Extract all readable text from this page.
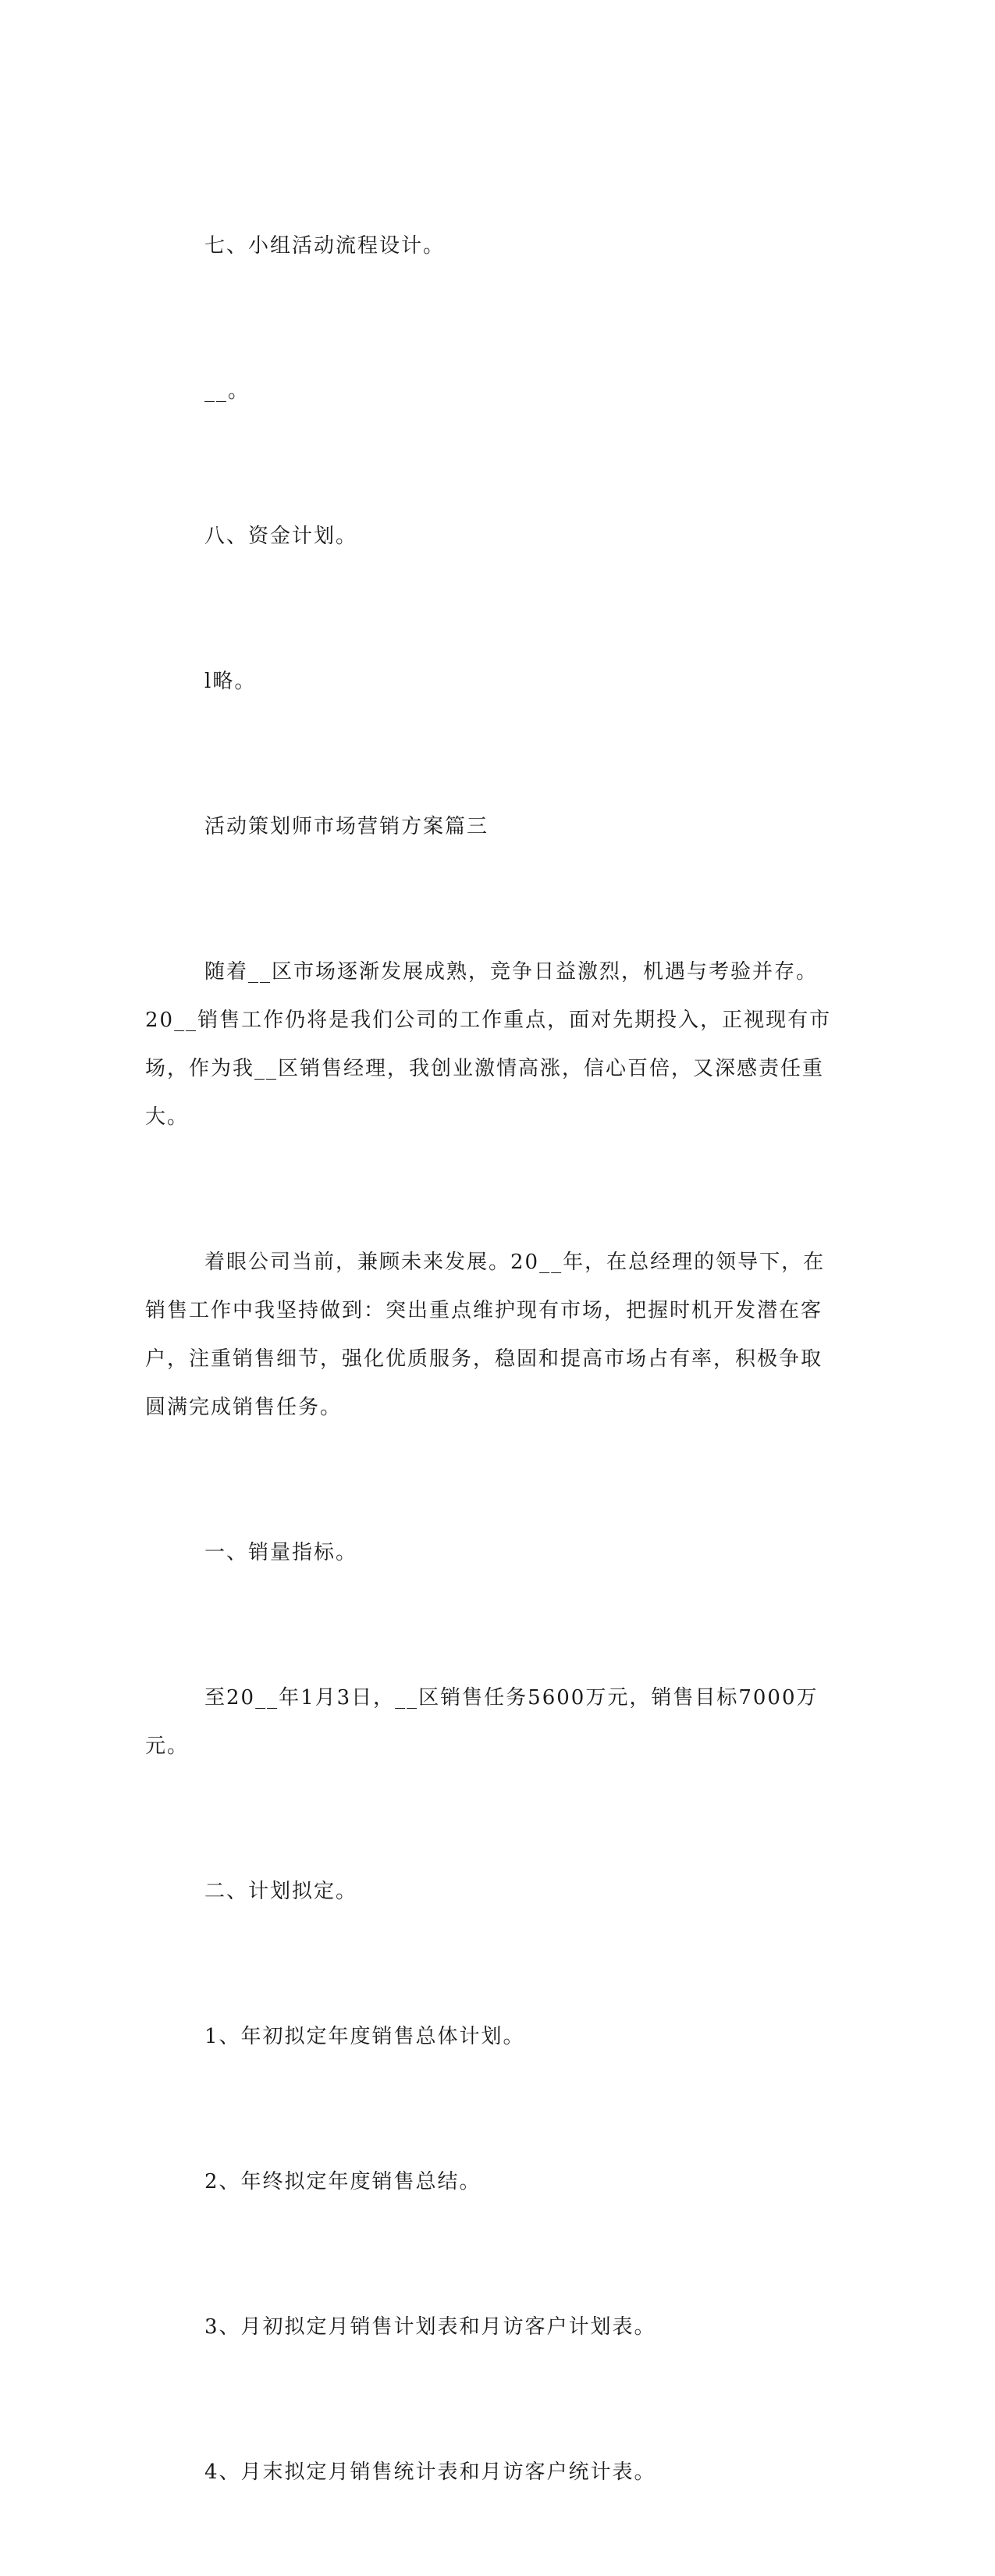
七、小组活动流程设计。

__。

八、资金计划。

l略。

活动策划师市场营销方案篇三

随着__区市场逐渐发展成熟，竞争日益激烈，机遇与考验并存。20__销售工作仍将是我们公司的工作重点，面对先期投入，正视现有市场，作为我__区销售经理，我创业激情高涨，信心百倍，又深感责任重大。

着眼公司当前，兼顾未来发展。20__年，在总经理的领导下，在销售工作中我坚持做到：突出重点维护现有市场，把握时机开发潜在客户，注重销售细节，强化优质服务，稳固和提高市场占有率，积极争取圆满完成销售任务。

一、销量指标。

至20__年1月3日，__区销售任务5600万元，销售目标7000万元。

二、计划拟定。

1、年初拟定年度销售总体计划。

2、年终拟定年度销售总结。

3、月初拟定月销售计划表和月访客户计划表。

4、月末拟定月销售统计表和月访客户统计表。
